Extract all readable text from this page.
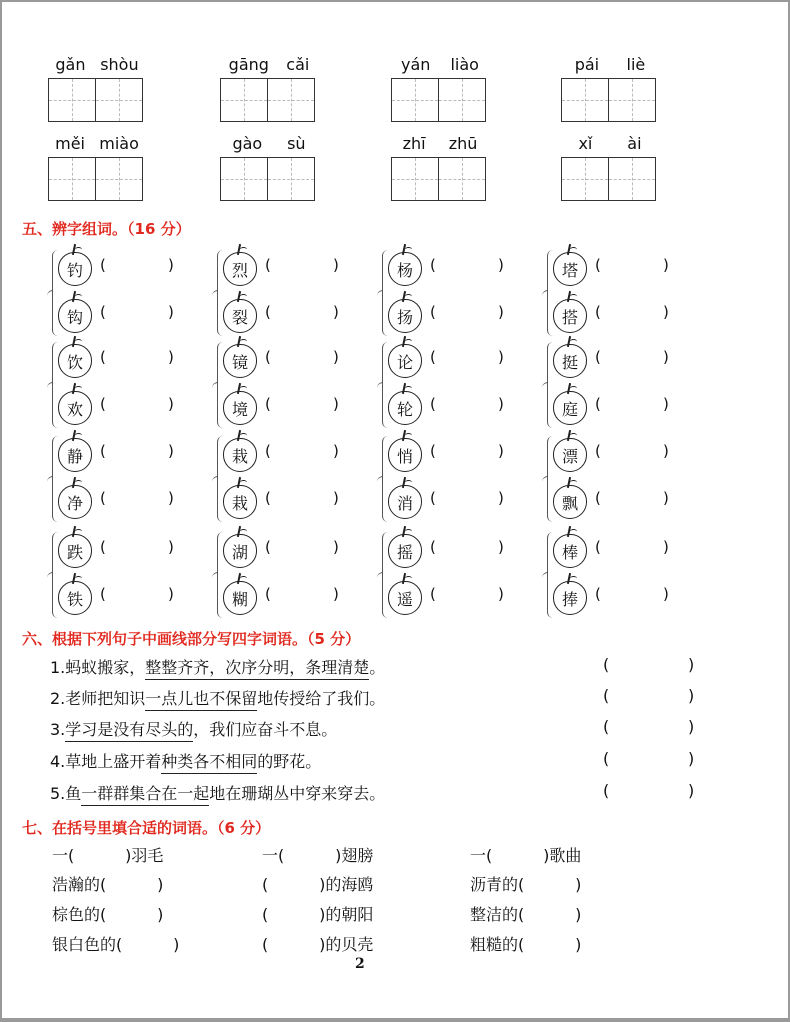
gǎn shòu	gāng cǎi	yán liào	pái liè
měi miào	gào sù	zhī zhū	xǐ ài
五、辨字组词。（16 分）
钓	(	)
钩	(	)
烈	(	)
裂	(	)
杨	(	)
扬	(	)
塔	(	)
搭	(	)
饮	(	)
欢	(	)
镜	(	)
境	(	)
论	(	)
轮	(	)
挺	(	)
庭	(	)
静	(	)
净	(	)
栽	(	)
栽	(	)
悄	(	)
消	(	)
漂	(	)
飘	(	)
跌	(	)
铁	(	)
湖	(	)
糊	(	)
摇	(	)
遥	(	)
棒	(	)
捧	(	)
六、根据下列句子中画线部分写四字词语。（5 分）
1.蚂蚁搬家，整整齐齐，次序分明，条理清楚。	(	)
2.老师把知识一点儿也不保留地传授给了我们。	(	)
3.学习是没有尽头的，我们应奋斗不息。	(	)
4.草地上盛开着种类各不相同的野花。	(	)
5.鱼一群群集合在一起地在珊瑚丛中穿来穿去。	(	)
七、在括号里填合适的词语。（6 分）
一(          )羽毛	一(          )翅膀	一(          )歌曲
浩瀚的(          )	(          )的海鸥	沥青的(          )
棕色的(          )	(          )的朝阳	整洁的(          )
银白色的(          )	(          )的贝壳	粗糙的(          )
2
